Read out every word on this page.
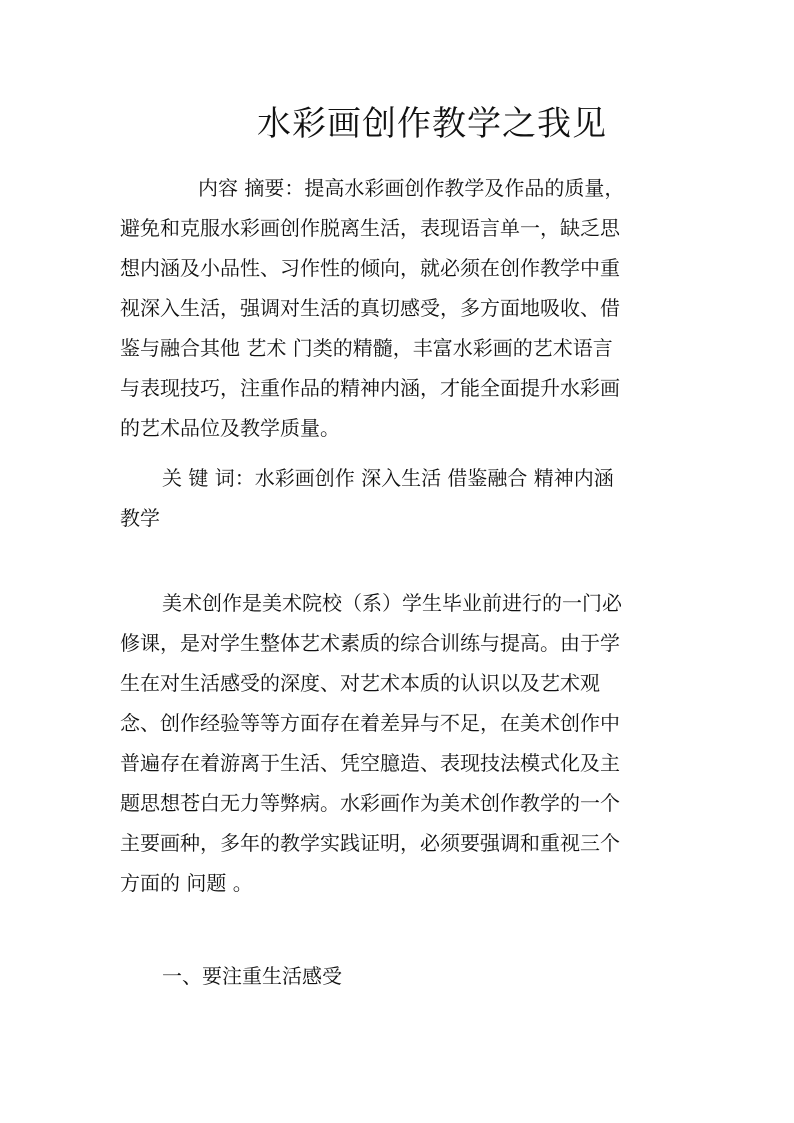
水彩画创作教学之我见
内容 摘要：提高水彩画创作教学及作品的质量，
避免和克服水彩画创作脱离生活，表现语言单一，缺乏思
想内涵及小品性、习作性的倾向，就必须在创作教学中重
视深入生活，强调对生活的真切感受，多方面地吸收、借
鉴与融合其他 艺术 门类的精髓，丰富水彩画的艺术语言
与表现技巧，注重作品的精神内涵，才能全面提升水彩画
的艺术品位及教学质量。
关 键 词：水彩画创作 深入生活 借鉴融合 精神内涵
教学
美术创作是美术院校（系）学生毕业前进行的一门必
修课，是对学生整体艺术素质的综合训练与提高。由于学
生在对生活感受的深度、对艺术本质的认识以及艺术观
念、创作经验等等方面存在着差异与不足，在美术创作中
普遍存在着游离于生活、凭空臆造、表现技法模式化及主
题思想苍白无力等弊病。水彩画作为美术创作教学的一个
主要画种，多年的教学实践证明，必须要强调和重视三个
方面的 问题 。
一、要注重生活感受
